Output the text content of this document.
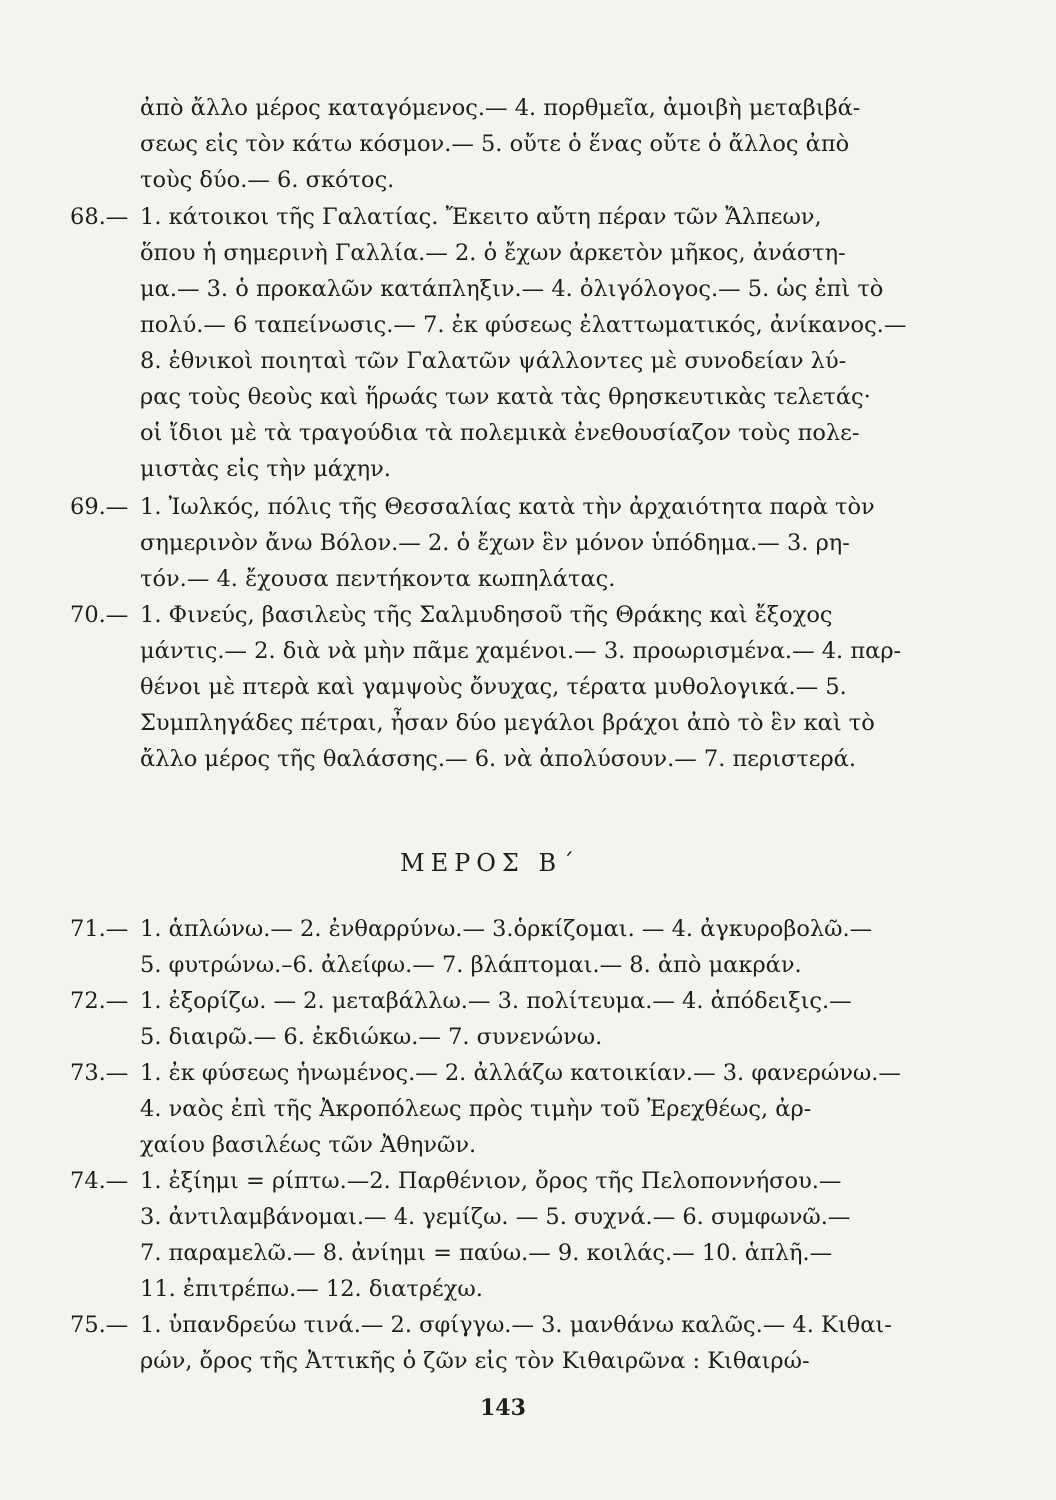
ἀπὸ ἄλλο μέρος καταγόμενος.— 4. πορθμεῖα, ἀμοιβὴ μεταβιβά-
σεως εἰς τὸν κάτω κόσμον.— 5. οὔτε ὁ ἕνας οὔτε ὁ ἄλλος ἀπὸ
τοὺς δύο.— 6. σκότος.
68.— 1. κάτοικοι τῆς Γαλατίας. Ἔκειτο αὔτη πέραν τῶν Ἄλπεων,
ὅπου ἡ σημερινὴ Γαλλία.— 2. ὁ ἔχων ἀρκετὸν μῆκος, ἀνάστη-
μα.— 3. ὁ προκαλῶν κατάπληξιν.— 4. ὀλιγόλογος.— 5. ὡς ἐπὶ τὸ
πολύ.— 6 ταπείνωσις.— 7. ἐκ φύσεως ἐλαττωματικός, ἀνίκανος.—
8. ἐθνικοὶ ποιηταὶ τῶν Γαλατῶν ψάλλοντες μὲ συνοδείαν λύ-
ρας τοὺς θεοὺς καὶ ἥρωάς των κατὰ τὰς θρησκευτικὰς τελετάς·
οἱ ἴδιοι μὲ τὰ τραγούδια τὰ πολεμικὰ ἐνεθουσίαζον τοὺς πολε-
μιστὰς εἰς τὴν μάχην.
69.— 1. Ἰωλκός, πόλις τῆς Θεσσαλίας κατὰ τὴν ἀρχαιότητα παρὰ τὸν
σημερινὸν ἄνω Βόλον.— 2. ὁ ἔχων ἓν μόνον ὑπόδημα.— 3. ρη-
τόν.— 4. ἔχουσα πεντήκοντα κωπηλάτας.
70.— 1. Φινεύς, βασιλεὺς τῆς Σαλμυδησοῦ τῆς Θράκης καὶ ἔξοχος
μάντις.— 2. διὰ νὰ μὴν πᾶμε χαμένοι.— 3. προωρισμένα.— 4. παρ-
θένοι μὲ πτερὰ καὶ γαμψοὺς ὄνυχας, τέρατα μυθολογικά.— 5.
Συμπληγάδες πέτραι, ἦσαν δύο μεγάλοι βράχοι ἀπὸ τὸ ἓν καὶ τὸ
ἄλλο μέρος τῆς θαλάσσης.— 6. νὰ ἀπολύσουν.— 7. περιστερά.
ΜΕΡΟΣ Β΄
71.— 1. ἁπλώνω.— 2. ἐνθαρρύνω.— 3.ὁρκίζομαι. — 4. ἀγκυροβολῶ.—
5. φυτρώνω.–6. ἀλείφω.— 7. βλάπτομαι.— 8. ἀπὸ μακράν.
72.— 1. ἐξορίζω. — 2. μεταβάλλω.— 3. πολίτευμα.— 4. ἀπόδειξις.—
5. διαιρῶ.— 6. ἐκδιώκω.— 7. συνενώνω.
73.— 1. ἐκ φύσεως ἡνωμένος.— 2. ἀλλάζω κατοικίαν.— 3. φανερώνω.—
4. ναὸς ἐπὶ τῆς Ἀκροπόλεως πρὸς τιμὴν τοῦ Ἐρεχθέως, ἀρ-
χαίου βασιλέως τῶν Ἀθηνῶν.
74.— 1. ἐξίημι = ρίπτω.—2. Παρθένιον, ὄρος τῆς Πελοποννήσου.—
3. ἀντιλαμβάνομαι.— 4. γεμίζω. — 5. συχνά.— 6. συμφωνῶ.—
7. παραμελῶ.— 8. ἀνίημι = παύω.— 9. κοιλάς.— 10. ἁπλῆ.—
11. ἐπιτρέπω.— 12. διατρέχω.
75.— 1. ὑπανδρεύω τινά.— 2. σφίγγω.— 3. μανθάνω καλῶς.— 4. Κιθαι-
ρών, ὄρος τῆς Ἀττικῆς ὁ ζῶν εἰς τὸν Κιθαιρῶνα : Κιθαιρώ-
143
